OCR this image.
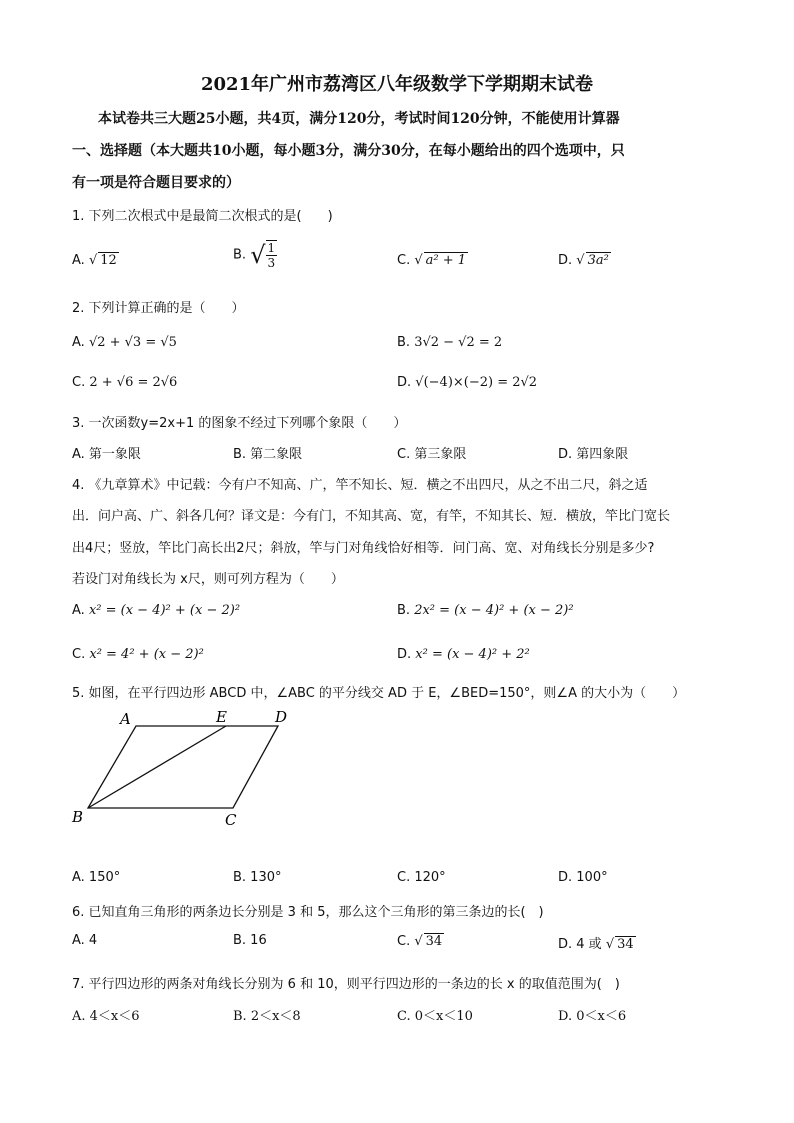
2021年广州市荔湾区八年级数学下学期期末试卷
本试卷共三大题25小题，共4页，满分120分，考试时间120分钟，不能使用计算器
一、选择题（本大题共10小题，每小题3分，满分30分，在每小题给出的四个选项中，只
有一项是符合题目要求的）
1. 下列二次根式中是最简二次根式的是(　　)
A. √ 12	B. √ $\frac{1}{3}$	C. √ a² + 1	D. √ 3a²
2. 下列计算正确的是（　　）
A. √2 + √3 = √5	B. 3√2 − √2 = 2
C. 2 + √6 = 2√6	D. √(−4)×(−2) = 2√2
3. 一次函数y=2x+1 的图象不经过下列哪个象限（　　）
A. 第一象限	B. 第二象限	C. 第三象限	D. 第四象限
4. 《九章算术》中记载：今有户不知高、广，竿不知长、短．横之不出四尺，从之不出二尺，斜之适
出．问户高、广、斜各几何？译文是：今有门，不知其高、宽，有竿，不知其长、短．横放，竿比门宽长
出4尺；竖放，竿比门高长出2尺；斜放，竿与门对角线恰好相等．问门高、宽、对角线长分别是多少?
若设门对角线长为 x尺，则可列方程为（　　）
A. x² = (x − 4)² + (x − 2)²	B. 2x² = (x − 4)² + (x − 2)²
C. x² = 4² + (x − 2)²	D. x² = (x − 4)² + 2²
5. 如图，在平行四边形 ABCD 中，∠ABC 的平分线交 AD 于 E，∠BED=150°，则∠A 的大小为（　　）
A	E	D
B	C
A. 150°	B. 130°	C. 120°	D. 100°
6. 已知直角三角形的两条边长分别是 3 和 5，那么这个三角形的第三条边的长(　)
A. 4	B. 16	C. √ 34	D. 4 或 √ 34
7. 平行四边形的两条对角线长分别为 6 和 10，则平行四边形的一条边的长 x 的取值范围为(　)
A. 4＜x＜6	B. 2＜x＜8	C. 0＜x＜10	D. 0＜x＜6
